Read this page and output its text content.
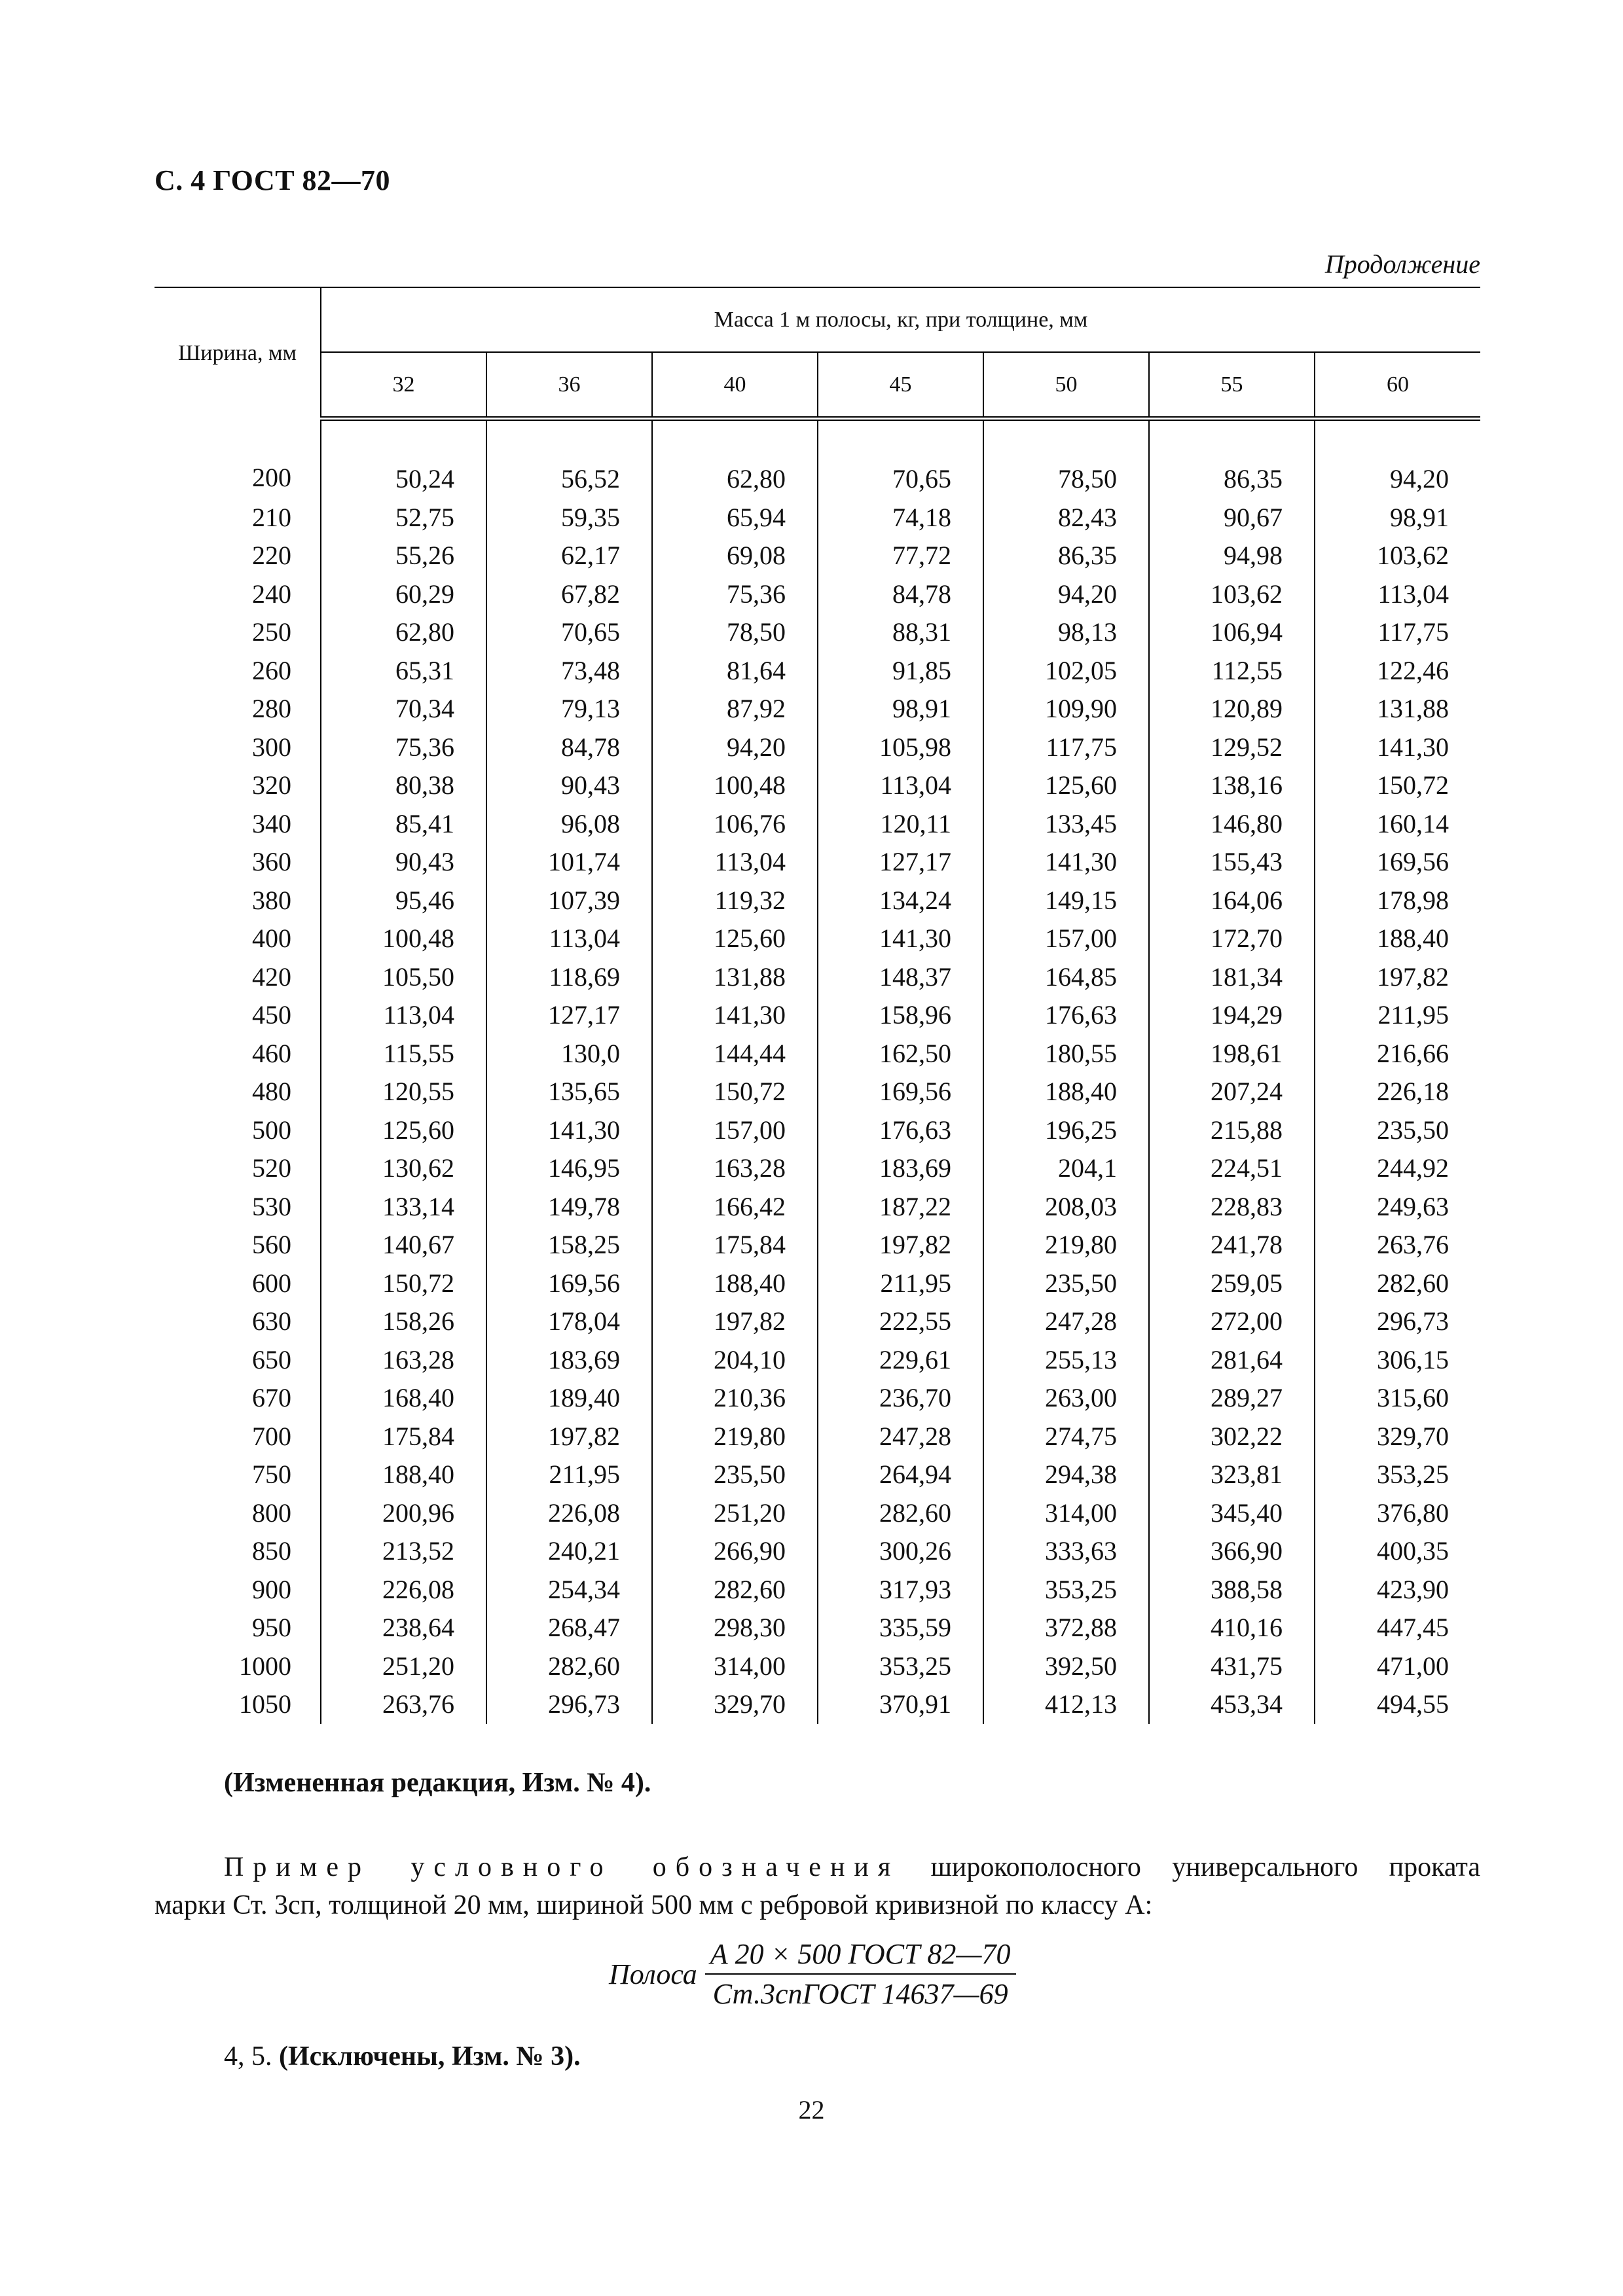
С. 4 ГОСТ 82—70
Продолжение
Ширина, мм	Масса 1 м полосы, кг, при толщине, мм						
	32	36	40	45	50	55	60
200	50,24	56,52	62,80	70,65	78,50	86,35	94,20
210	52,75	59,35	65,94	74,18	82,43	90,67	98,91
220	55,26	62,17	69,08	77,72	86,35	94,98	103,62
240	60,29	67,82	75,36	84,78	94,20	103,62	113,04
250	62,80	70,65	78,50	88,31	98,13	106,94	117,75
260	65,31	73,48	81,64	91,85	102,05	112,55	122,46
280	70,34	79,13	87,92	98,91	109,90	120,89	131,88
300	75,36	84,78	94,20	105,98	117,75	129,52	141,30
320	80,38	90,43	100,48	113,04	125,60	138,16	150,72
340	85,41	96,08	106,76	120,11	133,45	146,80	160,14
360	90,43	101,74	113,04	127,17	141,30	155,43	169,56
380	95,46	107,39	119,32	134,24	149,15	164,06	178,98
400	100,48	113,04	125,60	141,30	157,00	172,70	188,40
420	105,50	118,69	131,88	148,37	164,85	181,34	197,82
450	113,04	127,17	141,30	158,96	176,63	194,29	211,95
460	115,55	130,0	144,44	162,50	180,55	198,61	216,66
480	120,55	135,65	150,72	169,56	188,40	207,24	226,18
500	125,60	141,30	157,00	176,63	196,25	215,88	235,50
520	130,62	146,95	163,28	183,69	204,1	224,51	244,92
530	133,14	149,78	166,42	187,22	208,03	228,83	249,63
560	140,67	158,25	175,84	197,82	219,80	241,78	263,76
600	150,72	169,56	188,40	211,95	235,50	259,05	282,60
630	158,26	178,04	197,82	222,55	247,28	272,00	296,73
650	163,28	183,69	204,10	229,61	255,13	281,64	306,15
670	168,40	189,40	210,36	236,70	263,00	289,27	315,60
700	175,84	197,82	219,80	247,28	274,75	302,22	329,70
750	188,40	211,95	235,50	264,94	294,38	323,81	353,25
800	200,96	226,08	251,20	282,60	314,00	345,40	376,80
850	213,52	240,21	266,90	300,26	333,63	366,90	400,35
900	226,08	254,34	282,60	317,93	353,25	388,58	423,90
950	238,64	268,47	298,30	335,59	372,88	410,16	447,45
1000	251,20	282,60	314,00	353,25	392,50	431,75	471,00
1050	263,76	296,73	329,70	370,91	412,13	453,34	494,55
(Измененная редакция, Изм. № 4).
Пример условного обозначения широкополосного универсального проката
марки Ст. 3сп, толщиной 20 мм, шириной 500 мм с ребровой кривизной по классу А:
Полоса $\frac{\text{А 20 × 500 ГОСТ 82—70}}{\text{Ст.3спГОСТ 14637—69}}$
4, 5. (Исключены, Изм. № 3).
22
